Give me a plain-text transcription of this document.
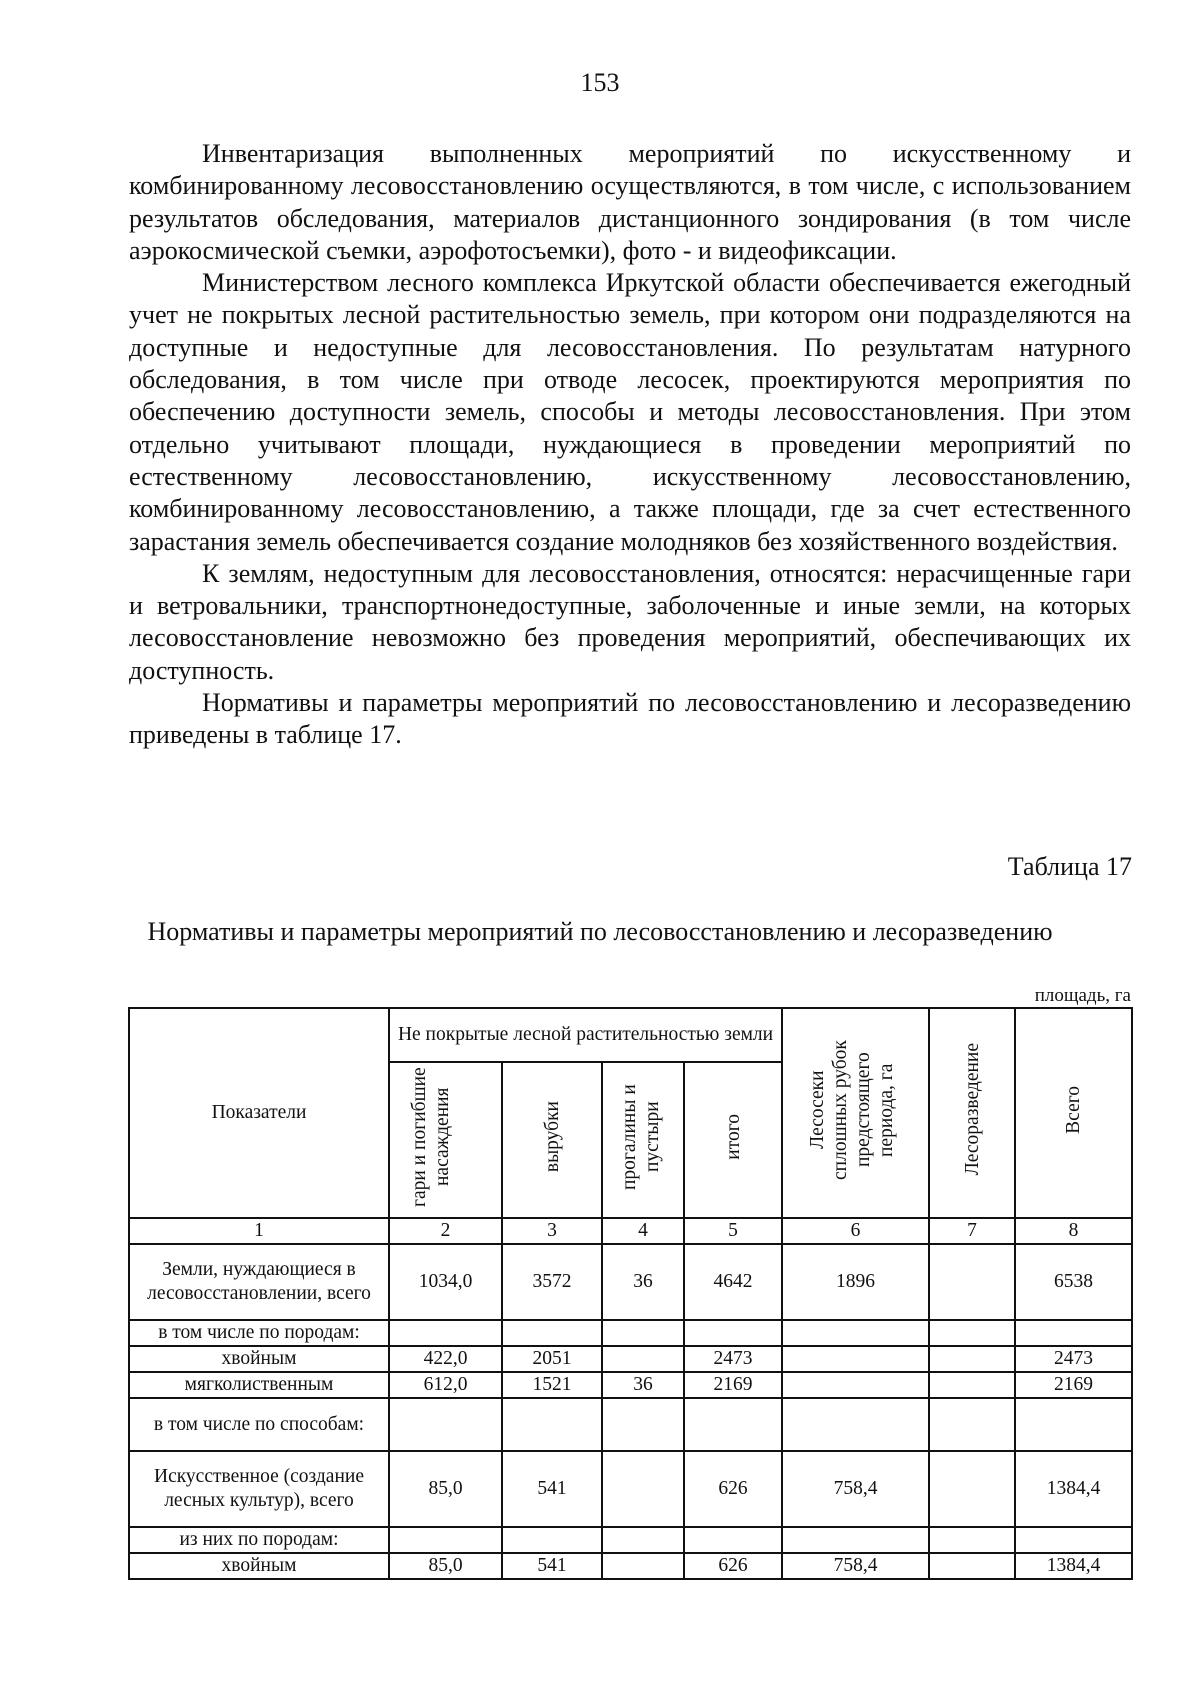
153

Инвентаризация выполненных мероприятий по искусственному и комбинированному лесовосстановлению осуществляются, в том числе, с использованием результатов обследования, материалов дистанционного зондирования (в том числе аэрокосмической съемки, аэрофотосъемки), фото - и видеофиксации.

Министерством лесного комплекса Иркутской области обеспечивается ежегодный учет не покрытых лесной растительностью земель, при котором они подразделяются на доступные и недоступные для лесовосстановления. По результатам натурного обследования, в том числе при отводе лесосек, проектируются мероприятия по обеспечению доступности земель, способы и методы лесовосстановления. При этом отдельно учитывают площади, нуждающиеся в проведении мероприятий по естественному лесовосстановлению, искусственному лесовосстановлению, комбинированному лесовосстановлению, а также площади, где за счет естественного зарастания земель обеспечивается создание молодняков без хозяйственного воздействия.

К землям, недоступным для лесовосстановления, относятся: нерасчищенные гари и ветровальники, транспортнонедоступные, заболоченные и иные земли, на которых лесовосстановление невозможно без проведения мероприятий, обеспечивающих их доступность.

Нормативы и параметры мероприятий по лесовосстановлению и лесоразведению приведены в таблице 17.

Таблица 17
Нормативы и параметры мероприятий по лесовосстановлению и лесоразведению
площадь, га
Показатели	Не покрытые лесной растительностью земли				Лесосеки сплошных рубок предстоящего периода, га	Лесоразведение	Всего
	гари и погибшие насаждения	вырубки	прогалины и пустыри	итого			
1	2	3	4	5	6	7	8
Земли, нуждающиеся в лесовосстановлении, всего	1034,0	3572	36	4642	1896		6538
в том числе по породам:							
хвойным	422,0	2051		2473			2473
мягколиственным	612,0	1521	36	2169			2169
в том числе по способам:							
Искусственное (создание лесных культур), всего	85,0	541		626	758,4		1384,4
из них по породам:							
хвойным	85,0	541		626	758,4		1384,4
